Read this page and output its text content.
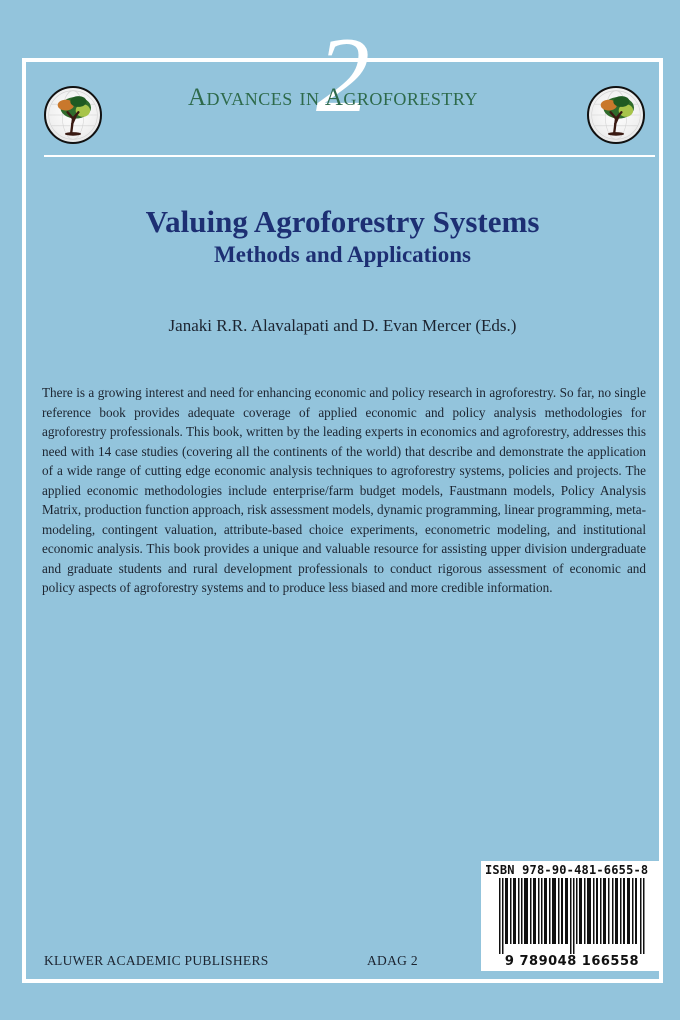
Advances in Agroforestry
2
Valuing Agroforestry Systems
Methods and Applications
Janaki R.R. Alavalapati and D. Evan Mercer (Eds.)

There is a growing interest and need for enhancing economic and policy research in agroforestry. So far, no single reference book provides adequate coverage of applied economic and policy analysis methodologies for agroforestry professionals. This book, written by the leading experts in economics and agroforestry, addresses this need with 14 case studies (covering all the continents of the world) that describe and demonstrate the application of a wide range of cutting edge economic analysis techniques to agroforestry systems, policies and projects. The applied economic methodologies include enterprise/farm budget models, Faustmann models, Policy Analysis Matrix, production function approach, risk assessment models, dynamic programming, linear programming, meta-modeling, contingent valuation, attribute-based choice experiments, econometric modeling, and institutional economic analysis. This book provides a unique and valuable resource for assisting upper division undergraduate and graduate students and rural development professionals to conduct rigorous assessment of economic and policy aspects of agroforestry systems and to produce less biased and more credible information.

ISBN 978-90-481-6655-8
9 789048 166558
KLUWER ACADEMIC PUBLISHERS	ADAG 2
